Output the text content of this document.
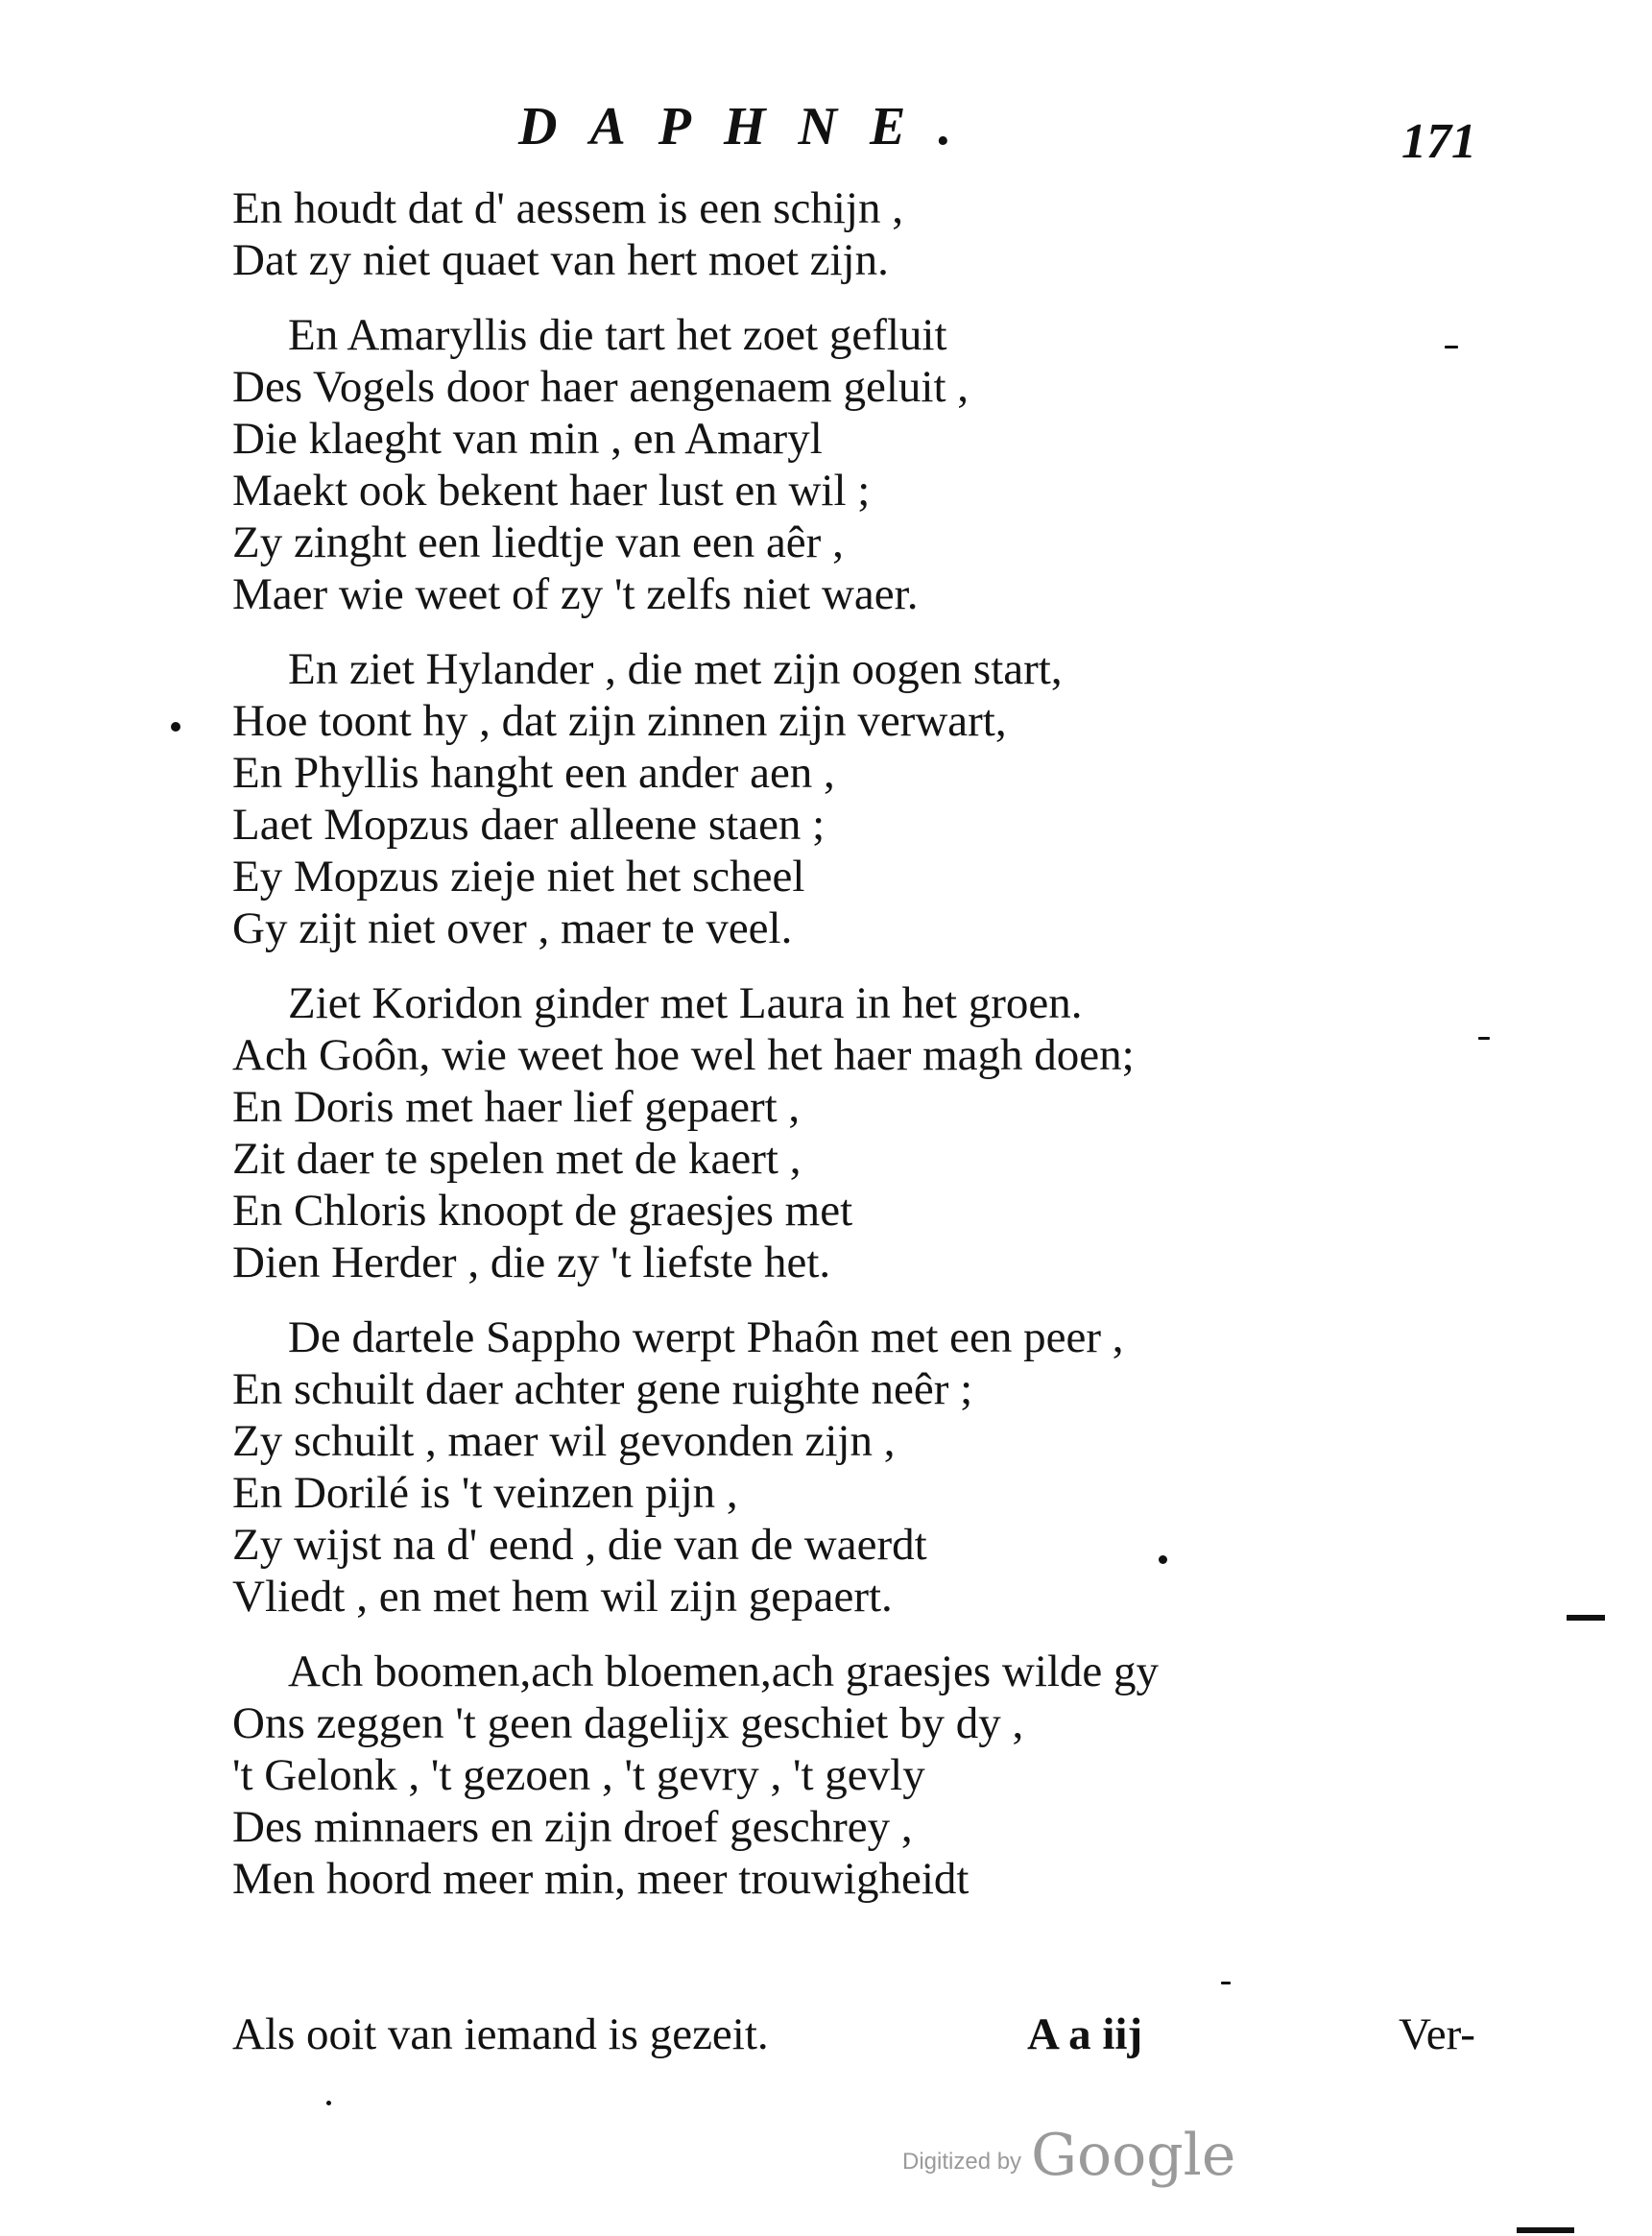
DAPHNE.	171
En houdt dat d' aessem is een schijn ,
Dat zy niet quaet van hert moet zijn.
En Amaryllis die tart het zoet gefluit
Des Vogels door haer aengenaem geluit ,
Die klaeght van min , en Amaryl
Maekt ook bekent haer lust en wil ;
Zy zinght een liedtje van een aêr ,
Maer wie weet of zy 't zelfs niet waer.
En ziet Hylander , die met zijn oogen start,
Hoe toont hy , dat zijn zinnen zijn verwart,
En Phyllis hanght een ander aen ,
Laet Mopzus daer alleene staen ;
Ey Mopzus zieje niet het scheel
Gy zijt niet over , maer te veel.
Ziet Koridon ginder met Laura in het groen.
Ach Goôn, wie weet hoe wel het haer magh doen;
En Doris met haer lief gepaert ,
Zit daer te spelen met de kaert ,
En Chloris knoopt de graesjes met
Dien Herder , die zy 't liefste het.
De dartele Sappho werpt Phaôn met een peer ,
En schuilt daer achter gene ruighte neêr ;
Zy schuilt , maer wil gevonden zijn ,
En Dorilé is 't veinzen pijn ,
Zy wijst na d' eend , die van de waerdt
Vliedt , en met hem wil zijn gepaert.
Ach boomen,ach bloemen,ach graesjes wilde gy
Ons zeggen 't geen dagelijx geschiet by dy ,
't Gelonk , 't gezoen , 't gevry , 't gevly
Des minnaers en zijn droef geschrey ,
Men hoord meer min, meer trouwigheidt
Als ooit van iemand is gezeit.	A a iij	Ver-
Digitized by Google
